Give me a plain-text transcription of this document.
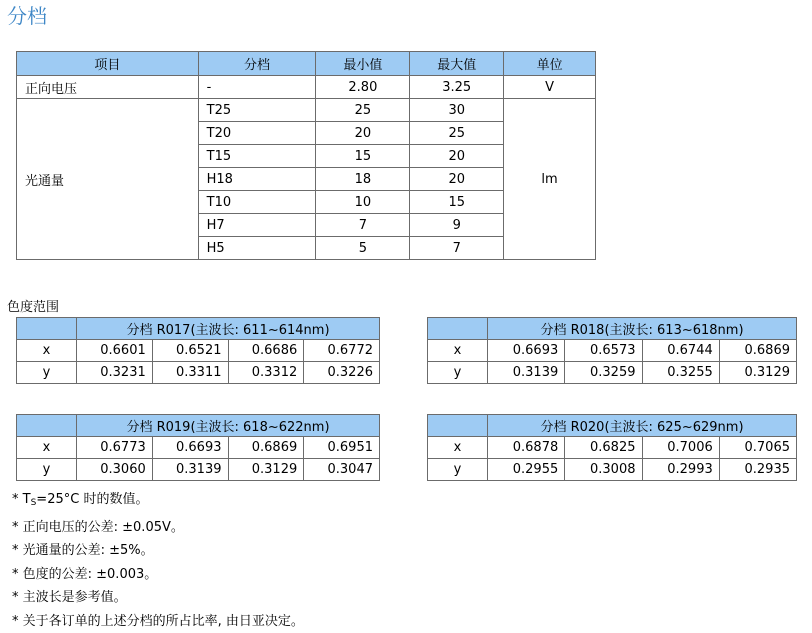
分档
项目	分档	最小值	最大值	单位
正向电压	-	2.80	3.25	V
光通量	T25	25	30	lm
	T20	20	25	
	T15	15	20	
	H18	18	20	
	T10	10	15	
	H7	7	9	
	H5	5	7	
色度范围
	分档 R017(主波长: 611~614nm)			
x	0.6601	0.6521	0.6686	0.6772
y	0.3231	0.3311	0.3312	0.3226
	分档 R018(主波长: 613~618nm)			
x	0.6693	0.6573	0.6744	0.6869
y	0.3139	0.3259	0.3255	0.3129
	分档 R019(主波长: 618~622nm)			
x	0.6773	0.6693	0.6869	0.6951
y	0.3060	0.3139	0.3129	0.3047
	分档 R020(主波长: 625~629nm)			
x	0.6878	0.6825	0.7006	0.7065
y	0.2955	0.3008	0.2993	0.2935
* TS=25°C 时的数值。
* 正向电压的公差: ±0.05V。
* 光通量的公差: ±5%。
* 色度的公差: ±0.003。
* 主波长是参考值。
* 关于各订单的上述分档的所占比率, 由日亚决定。
